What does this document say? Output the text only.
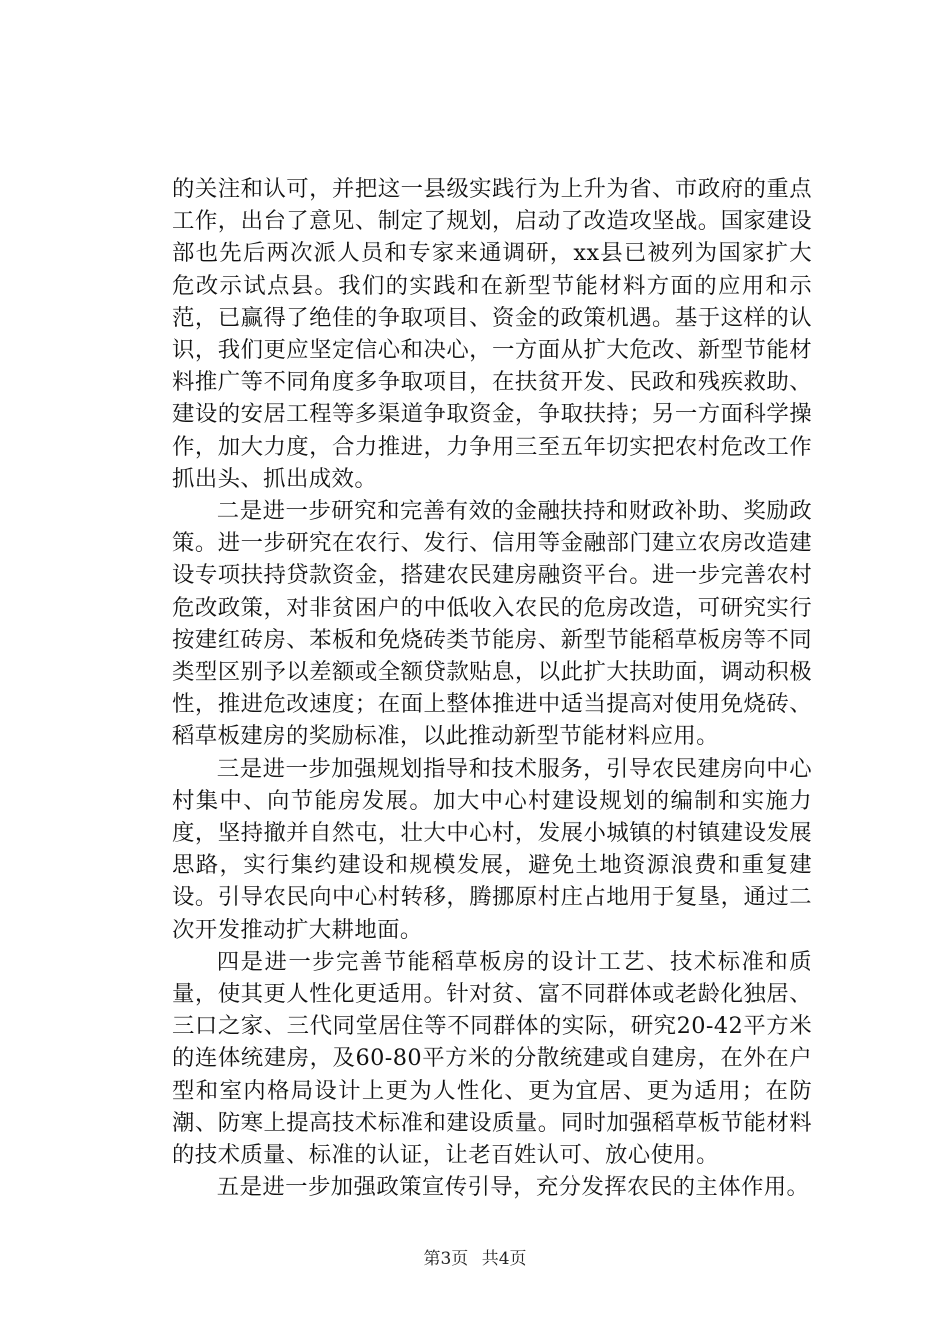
的关注和认可，并把这一县级实践行为上升为省、市政府的重点工作，出台了意见、制定了规划，启动了改造攻坚战。国家建设部也先后两次派人员和专家来通调研，xx县已被列为国家扩大危改示试点县。我们的实践和在新型节能材料方面的应用和示范，已赢得了绝佳的争取项目、资金的政策机遇。基于这样的认识，我们更应坚定信心和决心，一方面从扩大危改、新型节能材料推广等不同角度多争取项目，在扶贫开发、民政和残疾救助、建设的安居工程等多渠道争取资金，争取扶持；另一方面科学操作，加大力度，合力推进，力争用三至五年切实把农村危改工作抓出头、抓出成效。

二是进一步研究和完善有效的金融扶持和财政补助、奖励政策。进一步研究在农行、发行、信用等金融部门建立农房改造建设专项扶持贷款资金，搭建农民建房融资平台。进一步完善农村危改政策，对非贫困户的中低收入农民的危房改造，可研究实行按建红砖房、苯板和免烧砖类节能房、新型节能稻草板房等不同类型区别予以差额或全额贷款贴息，以此扩大扶助面，调动积极性，推进危改速度；在面上整体推进中适当提高对使用免烧砖、稻草板建房的奖励标准，以此推动新型节能材料应用。

三是进一步加强规划指导和技术服务，引导农民建房向中心村集中、向节能房发展。加大中心村建设规划的编制和实施力度，坚持撤并自然屯，壮大中心村，发展小城镇的村镇建设发展思路，实行集约建设和规模发展，避免土地资源浪费和重复建设。引导农民向中心村转移，腾挪原村庄占地用于复垦，通过二次开发推动扩大耕地面。

四是进一步完善节能稻草板房的设计工艺、技术标准和质量，使其更人性化更适用。针对贫、富不同群体或老龄化独居、三口之家、三代同堂居住等不同群体的实际，研究20-42平方米的连体统建房，及60-80平方米的分散统建或自建房，在外在户型和室内格局设计上更为人性化、更为宜居、更为适用；在防潮、防寒上提高技术标准和建设质量。同时加强稻草板节能材料的技术质量、标准的认证，让老百姓认可、放心使用。

五是进一步加强政策宣传引导，充分发挥农民的主体作用。

第3页 共4页
